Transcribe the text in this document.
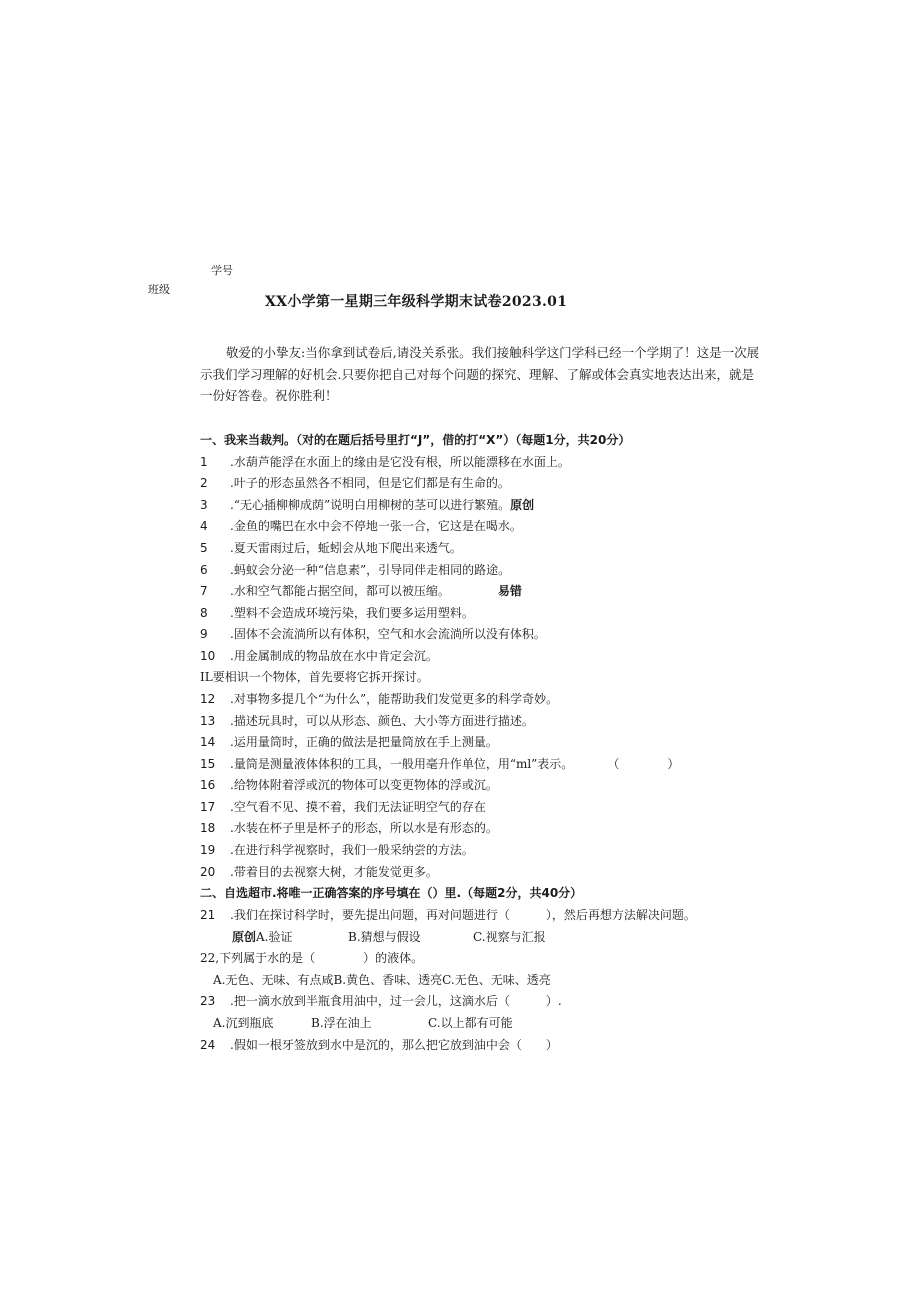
学号
班级
XX小学第一星期三年级科学期末试卷2023.01

敬爱的小挚友:当你拿到试卷后,请没关系张。我们接触科学这门学科已经一个学期了！这是一次展示我们学习理解的好机会.只要你把自己对每个问题的探究、理解、了解或体会真实地表达出来，就是一份好答卷。祝你胜利！

一、我来当裁判。（对的在题后括号里打“J”，借的打“X”）（每题1分，共20分）
1 .水葫芦能浮在水面上的缘由是它没有根，所以能漂移在水面上。
2 .叶子的形态虽然各不相同，但是它们都是有生命的。
3 .“无心插柳柳成荫”说明白用柳树的茎可以进行繁殖。原创
4 .金鱼的嘴巴在水中会不停地一张一合，它这是在喝水。
5 .夏天雷雨过后，蚯蚓会从地下爬出来透气。
6 .蚂蚁会分泌一种“信息素”，引导同伴走相同的路途。
7 .水和空气都能占据空间，都可以被压缩。	易错
8 .塑料不会造成环境污染，我们要多运用塑料。
9 .固体不会流淌所以有体积，空气和水会流淌所以没有体积。
10 .用金属制成的物品放在水中肯定会沉。
IL要相识一个物体，首先要将它拆开探讨。
12 .对事物多提几个“为什么”，能帮助我们发觉更多的科学奇妙。
13 .描述玩具时，可以从形态、颜色、大小等方面进行描述。
14 .运用量筒时，正确的做法是把量筒放在手上测量。
15 .量筒是测量液体体积的工具，一般用毫升作单位，用“ml”表示。	（　　　　）
16 .给物体附着浮或沉的物体可以变更物体的浮或沉。
17 .空气看不见、摸不着，我们无法证明空气的存在
18 .水装在杯子里是杯子的形态，所以水是有形态的。
19 .在进行科学视察时，我们一般采纳尝的方法。
20 .带着目的去视察大树，才能发觉更多。
二、自选超市.将唯一正确答案的序号填在（）里.（每题2分，共40分）
21 .我们在探讨科学时，要先提出问题，再对问题进行（　　　），然后再想方法解决问题。
原创A.验证	B.猜想与假设	C.视察与汇报
22,下列属于水的是（　　　　）的液体。
A.无色、无味、有点咸B.黄色、香味、透亮C.无色、无味、透亮
23 .把一滴水放到半瓶食用油中，过一会儿，这滴水后（　　　）.
A.沉到瓶底	B.浮在油上	C.以上都有可能
24 .假如一根牙签放到水中是沉的，那么把它放到油中会（　　）
